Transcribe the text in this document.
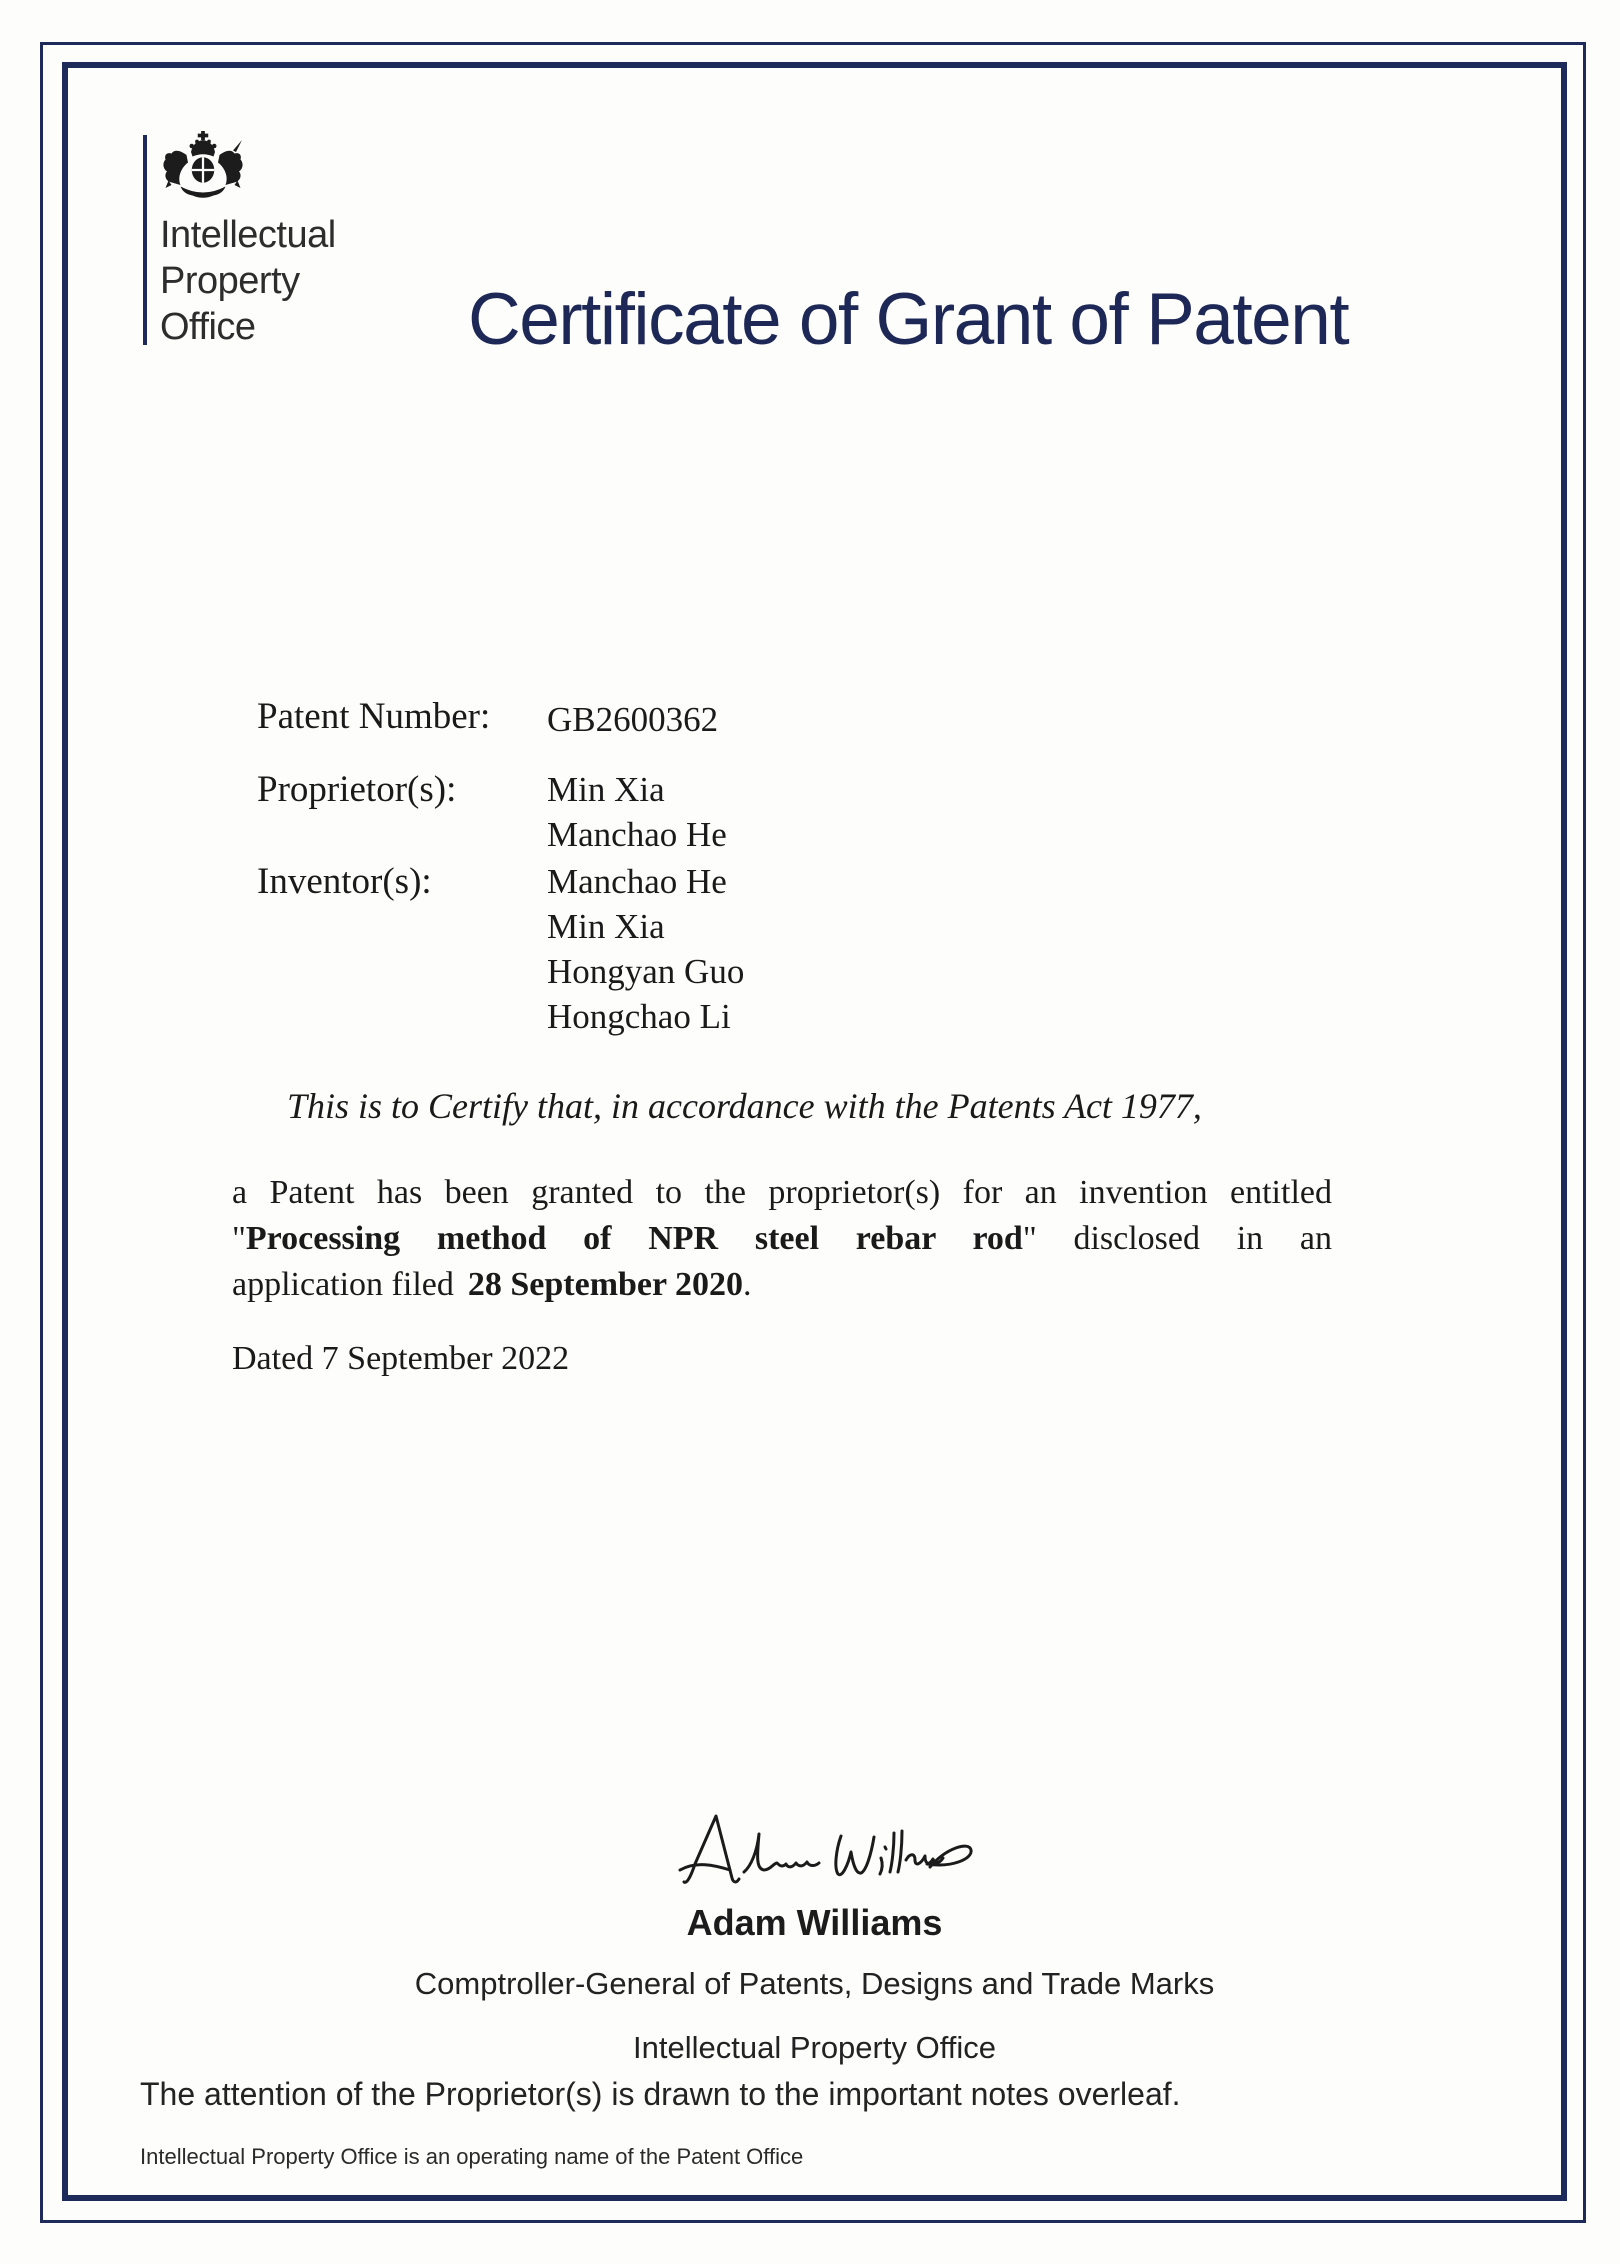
Intellectual
Property
Office	Certificate of Grant of Patent
Patent Number: GB2600362
Proprietor(s):	Min Xia
Manchao He
Inventor(s):	Manchao He
Min Xia
Hongyan Guo
Hongchao Li
This is to Certify that, in accordance with the Patents Act 1977,
a Patent has been granted to the proprietor(s) for an invention entitled
"Processing method of NPR steel rebar rod" disclosed in an
application filed 28 September 2020.
Dated 7 September 2022
Adam Williams
Comptroller-General of Patents, Designs and Trade Marks
Intellectual Property Office
The attention of the Proprietor(s) is drawn to the important notes overleaf.
Intellectual Property Office is an operating name of the Patent Office
